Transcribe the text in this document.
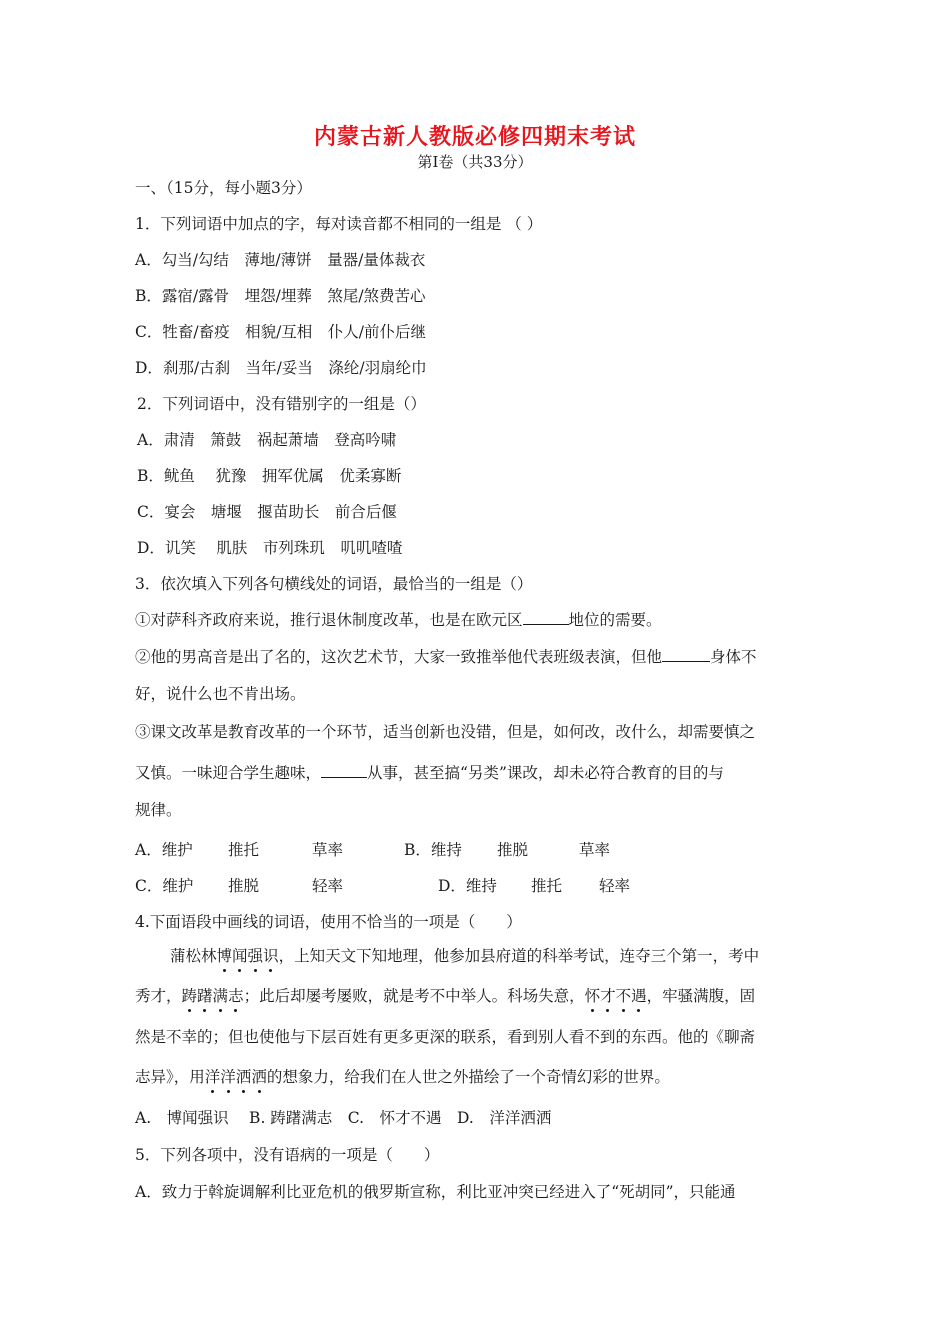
内蒙古新人教版必修四期末考试
第Ⅰ卷（共33分）
一、（15分，每小题3分）
1．下列词语中加点的字，每对读音都不相同的一组是 （ ）
A．勾当/勾结　薄地/薄饼　量器/量体裁衣
B．露宿/露骨　埋怨/埋葬　煞尾/煞费苦心
C．牲畜/畜疫　相貌/互相　仆人/前仆后继
D．刹那/古刹　当年/妥当　涤纶/羽扇纶巾
2．下列词语中，没有错别字的一组是（）
A．肃清　箫鼓　祸起萧墙　登高吟啸
B．鱿鱼　 犹豫　拥军优属　优柔寡断
C．宴会　塘堰　揠苗助长　前合后偃
D．讥笑　 肌肤　市列珠玑　叽叽喳喳
3．依次填入下列各句横线处的词语，最恰当的一组是（）
①对萨科齐政府来说，推行退休制度改革，也是在欧元区	地位的需要。
②他的男高音是出了名的，这次艺术节，大家一致推举他代表班级表演，但他	身体不
好，说什么也不肯出场。
③课文改革是教育改革的一个环节，适当创新也没错，但是，如何改，改什么，却需要慎之
又慎。一味迎合学生趣味，	从事，甚至搞“另类”课改，却未必符合教育的目的与
规律。
A．维护 推托	草率	B．维持 推脱	草率
C．维护 推脱	轻率	D．维持 推托 轻率
4.下面语段中画线的词语，使用不恰当的一项是（　　）
蒲松林博闻强识，上知天文下知地理，他参加县府道的科举考试，连夺三个第一，考中
秀才，踌躇满志；此后却屡考屡败，就是考不中举人。科场失意，怀才不遇，牢骚满腹，固
然是不幸的；但也使他与下层百姓有更多更深的联系，看到别人看不到的东西。他的《聊斋
志异》，用洋洋洒洒的想象力，给我们在人世之外描绘了一个奇情幻彩的世界。
A.　博闻强识　 B. 踌躇满志　C.　怀才不遇　D.　洋洋洒洒
5．下列各项中，没有语病的一项是（　　）
A．致力于斡旋调解利比亚危机的俄罗斯宣称，利比亚冲突已经进入了“死胡同”，只能通
